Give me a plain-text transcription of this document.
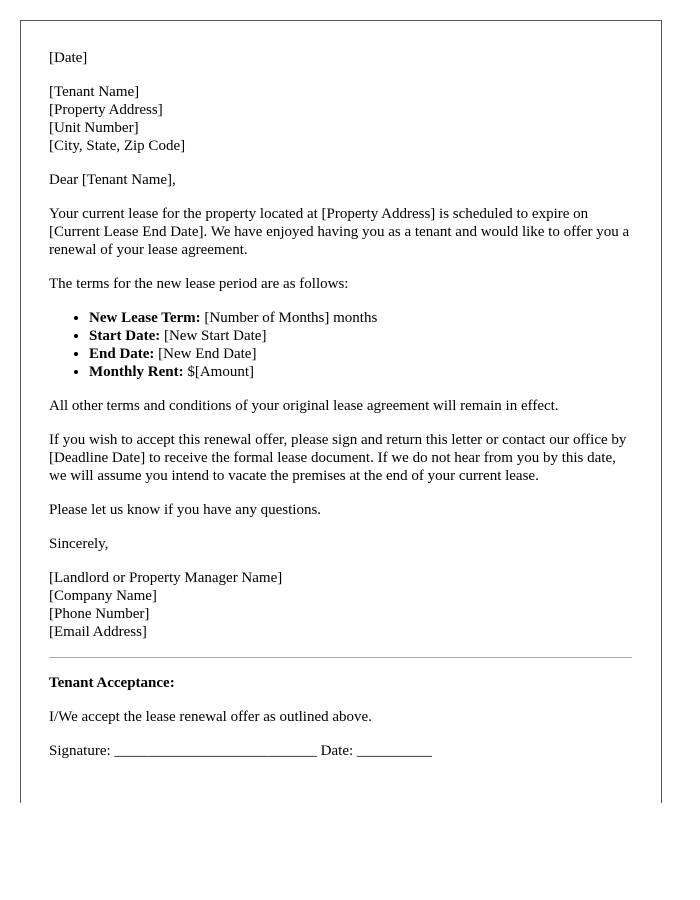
[Date]

[Tenant Name]
[Property Address]
[Unit Number]
[City, State, Zip Code]

Dear [Tenant Name],

Your current lease for the property located at [Property Address] is scheduled to expire on [Current Lease End Date]. We have enjoyed having you as a tenant and would like to offer you a renewal of your lease agreement.

The terms for the new lease period are as follows:

• New Lease Term: [Number of Months] months
• Start Date: [New Start Date]
• End Date: [New End Date]
• Monthly Rent: $[Amount]

All other terms and conditions of your original lease agreement will remain in effect.

If you wish to accept this renewal offer, please sign and return this letter or contact our office by [Deadline Date] to receive the formal lease document. If we do not hear from you by this date, we will assume you intend to vacate the premises at the end of your current lease.

Please let us know if you have any questions.

Sincerely,

[Landlord or Property Manager Name]
[Company Name]
[Phone Number]
[Email Address]

Tenant Acceptance:

I/We accept the lease renewal offer as outlined above.

Signature: ___________________________ Date: __________
